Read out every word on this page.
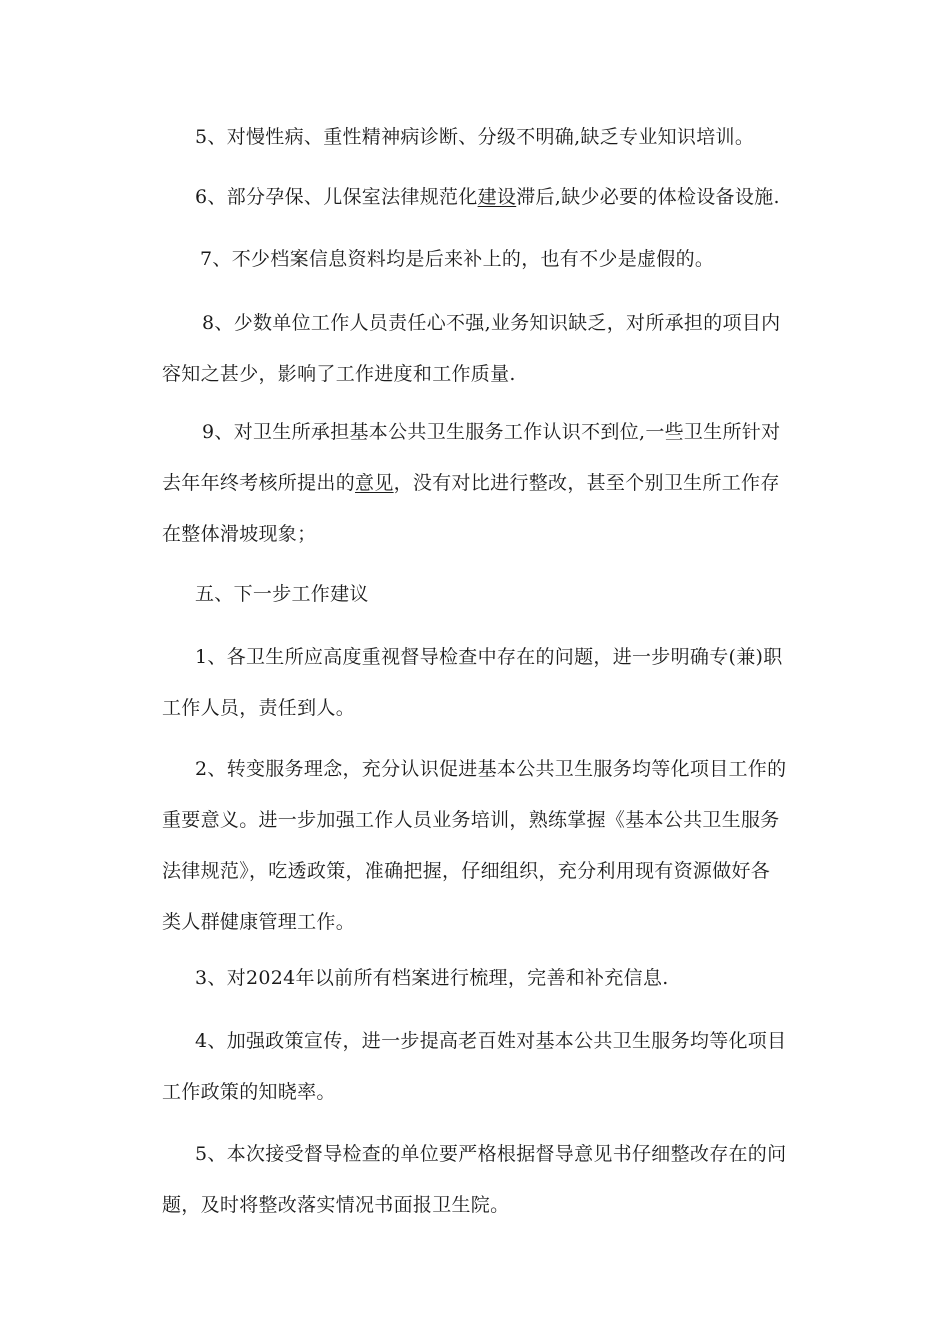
5、对慢性病、重性精神病诊断、分级不明确,缺乏专业知识培训。

6、部分孕保、儿保室法律规范化建设滞后,缺少必要的体检设备设施.

7、不少档案信息资料均是后来补上的，也有不少是虚假的。

8、少数单位工作人员责任心不强,业务知识缺乏，对所承担的项目内
容知之甚少，影响了工作进度和工作质量.

9、对卫生所承担基本公共卫生服务工作认识不到位,一些卫生所针对
去年年终考核所提出的意见，没有对比进行整改，甚至个别卫生所工作存
在整体滑坡现象；

五、下一步工作建议

1、各卫生所应高度重视督导检查中存在的问题，进一步明确专(兼)职
工作人员，责任到人。

2、转变服务理念，充分认识促进基本公共卫生服务均等化项目工作的
重要意义。进一步加强工作人员业务培训，熟练掌握《基本公共卫生服务
法律规范》，吃透政策，准确把握，仔细组织，充分利用现有资源做好各
类人群健康管理工作。

3、对2024年以前所有档案进行梳理，完善和补充信息.

4、加强政策宣传，进一步提高老百姓对基本公共卫生服务均等化项目
工作政策的知晓率。

5、本次接受督导检查的单位要严格根据督导意见书仔细整改存在的问
题，及时将整改落实情况书面报卫生院。
